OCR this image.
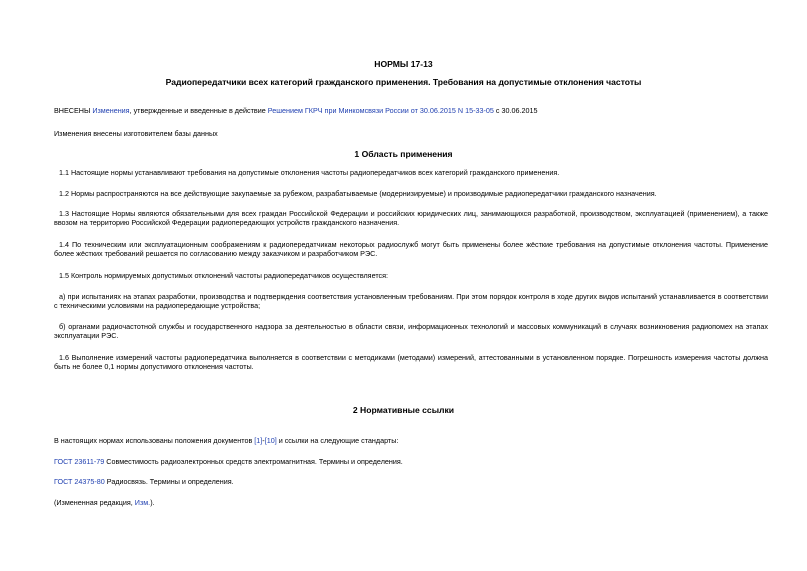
НОРМЫ 17-13
Радиопередатчики всех категорий гражданского применения. Требования на допустимые отклонения частоты

ВНЕСЕНЫ Изменения, утвержденные и введенные в действие Решением ГКРЧ при Минкомсвязи России от 30.06.2015 N 15-33-05 с 30.06.2015

Изменения внесены изготовителем базы данных

1 Область применения

1.1 Настоящие нормы устанавливают требования на допустимые отклонения частоты радиопередатчиков всех категорий гражданского применения.

1.2 Нормы распространяются на все действующие закупаемые за рубежом, разрабатываемые (модернизируемые) и производимые радиопередатчики гражданского назначения.

1.3 Настоящие Нормы являются обязательными для всех граждан Российской Федерации и российских юридических лиц, занимающихся разработкой, производством, эксплуатацией (применением), а также ввозом на территорию Российской Федерации радиопередающих устройств гражданского назначения.

1.4 По техническим или эксплуатационным соображениям к радиопередатчикам некоторых радиослужб могут быть применены более жёсткие требования на допустимые отклонения частоты. Применение более жёстких требований решается по согласованию между заказчиком и разработчиком РЭС.

1.5 Контроль нормируемых допустимых отклонений частоты радиопередатчиков осуществляется:

а) при испытаниях на этапах разработки, производства и подтверждения соответствия установленным требованиям. При этом порядок контроля в ходе других видов испытаний устанавливается в соответствии с техническими условиями на радиопередающие устройства;

б) органами радиочастотной службы и государственного надзора за деятельностью в области связи, информационных технологий и массовых коммуникаций в случаях возникновения радиопомех на этапах эксплуатации РЭС.

1.6 Выполнение измерений частоты радиопередатчика выполняется в соответствии с методиками (методами) измерений, аттестованными в установленном порядке. Погрешность измерения частоты должна быть не более 0,1 нормы допустимого отклонения частоты.

2 Нормативные ссылки

В настоящих нормах использованы положения документов [1]-[10] и ссылки на следующие стандарты:

ГОСТ 23611-79 Совместимость радиоэлектронных средств электромагнитная. Термины и определения.

ГОСТ 24375-80 Радиосвязь. Термины и определения.

(Измененная редакция, Изм.).
